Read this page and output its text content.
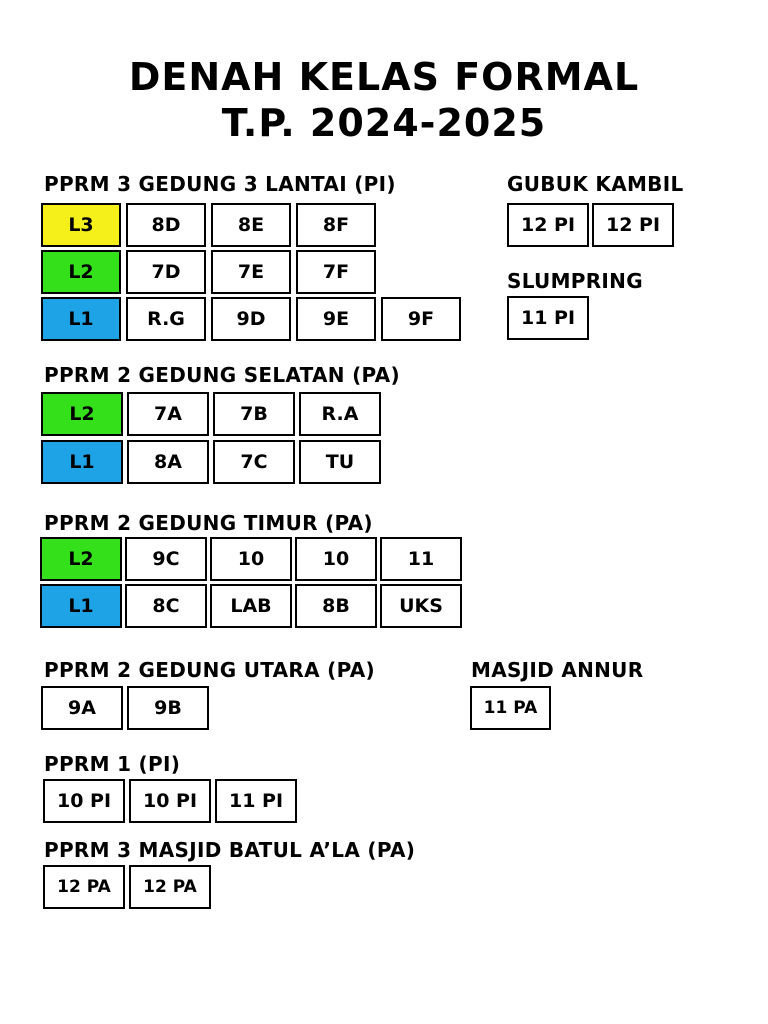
DENAH KELAS FORMAL
T.P. 2024-2025
PPRM 3 GEDUNG 3 LANTAI (PI)	GUBUK KAMBIL
SLUMPRING
PPRM 2 GEDUNG SELATAN (PA)
PPRM 2 GEDUNG TIMUR (PA)
PPRM 2 GEDUNG UTARA (PA)	MASJID ANNUR
PPRM 1 (PI)
PPRM 3 MASJID BATUL A’LA (PA)
L3	8D	8E	8F
L2	7D	7E	7F
L1	R.G	9D	9E	9F
12 PI	12 PI
11 PI
L2	7A	7B	R.A
L1	8A	7C	TU
L2	9C	10	10	11
L1	8C	LAB	8B	UKS
9A	9B	11 PA
10 PI	10 PI	11 PI
12 PA	12 PA
